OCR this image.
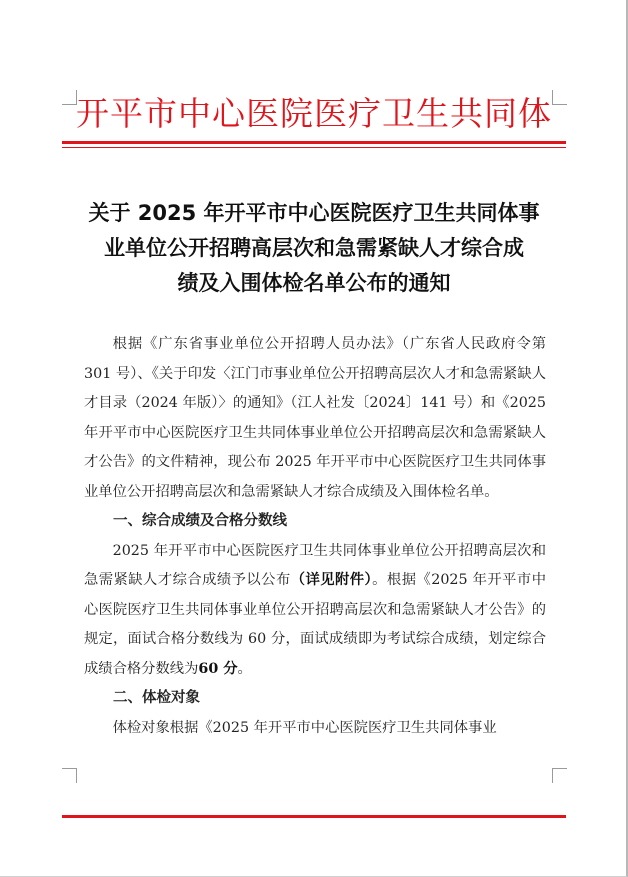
开平市中心医院医疗卫生共同体
关于 2025 年开平市中心医院医疗卫生共同体事
业单位公开招聘高层次和急需紧缺人才综合成
绩及入围体检名单公布的通知

根据《广东省事业单位公开招聘人员办法》（广东省人民政府令第 301 号）、《关于印发〈江门市事业单位公开招聘高层次人才和急需紧缺人才目录（2024 年版）〉的通知》（江人社发〔2024〕141 号）和《2025 年开平市中心医院医疗卫生共同体事业单位公开招聘高层次和急需紧缺人才公告》的文件精神，现公布 2025 年开平市中心医院医疗卫生共同体事业单位公开招聘高层次和急需紧缺人才综合成绩及入围体检名单。

一、综合成绩及合格分数线

2025 年开平市中心医院医疗卫生共同体事业单位公开招聘高层次和急需紧缺人才综合成绩予以公布（详见附件）。根据《2025 年开平市中心医院医疗卫生共同体事业单位公开招聘高层次和急需紧缺人才公告》的规定，面试合格分数线为 60 分，面试成绩即为考试综合成绩，划定综合成绩合格分数线为60 分。

二、体检对象

体检对象根据《2025 年开平市中心医院医疗卫生共同体事业
